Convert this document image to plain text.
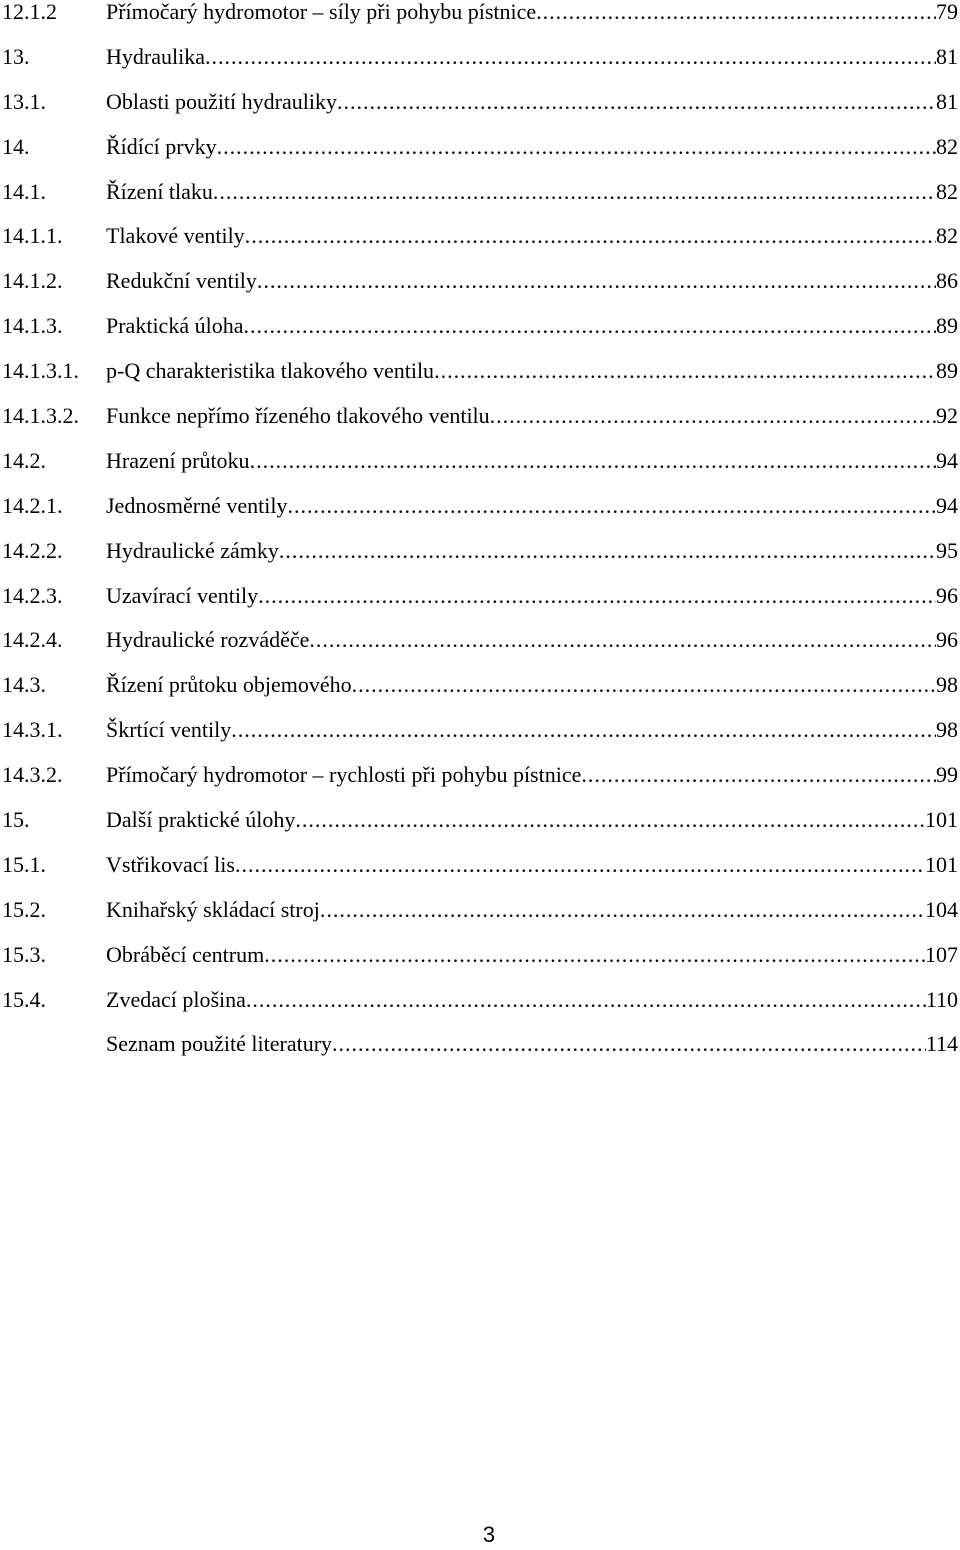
12.1.2	Přímočarý hydromotor – síly při pohybu pístnice .....	79
13.	Hydraulika .....	81
13.1.	Oblasti použití hydrauliky .....	81
14.	Řídící prvky .....	82
14.1.	Řízení tlaku .....	82
14.1.1.	Tlakové ventily .....	82
14.1.2.	Redukční ventily .....	86
14.1.3.	Praktická úloha .....	89
14.1.3.1.	p-Q charakteristika tlakového ventilu .....	89
14.1.3.2.	Funkce nepřímo řízeného tlakového ventilu .....	92
14.2.	Hrazení průtoku .....	94
14.2.1.	Jednosměrné ventily .....	94
14.2.2.	Hydraulické zámky .....	95
14.2.3.	Uzavírací ventily .....	96
14.2.4.	Hydraulické rozváděče .....	96
14.3.	Řízení průtoku objemového .....	98
14.3.1.	Škrtící ventily .....	98
14.3.2.	Přímočarý hydromotor – rychlosti při pohybu pístnice .....	99
15.	Další praktické úlohy .....	101
15.1.	Vstřikovací lis .....	101
15.2.	Knihařský skládací stroj .....	104
15.3.	Obráběcí centrum .....	107
15.4.	Zvedací plošina .....	110
Seznam použité literatury .....	114
3
